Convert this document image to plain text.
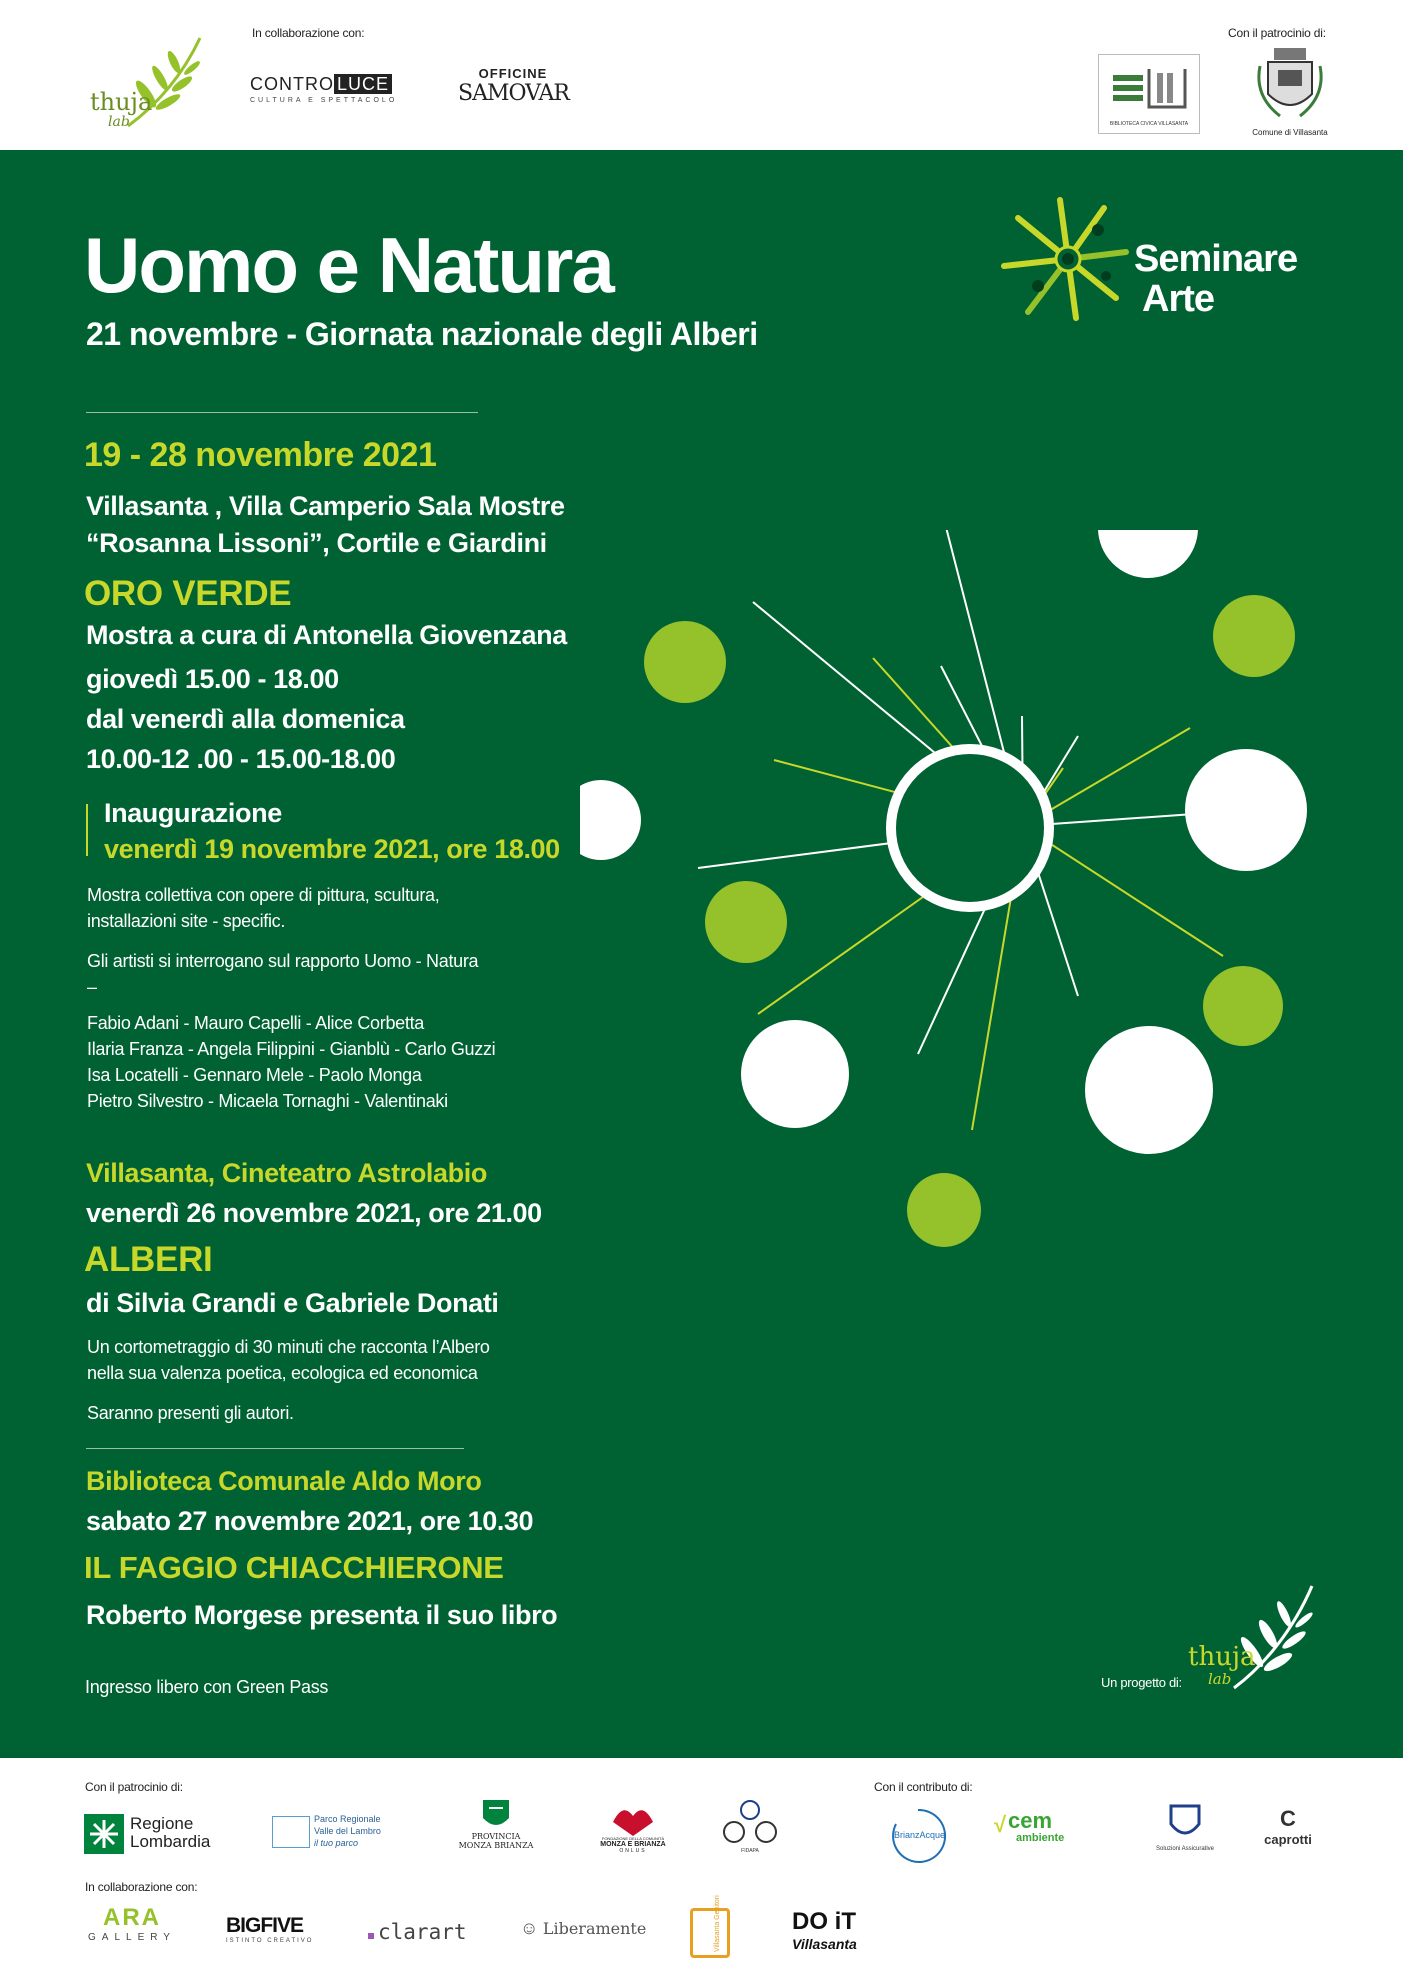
thuja
lab
In collaborazione con:
CONTRO LUCE
CULTURA E SPETTACOLO
OFFICINE
SAMOVAR
Con il patrocinio di:
BIBLIOTECA CIVICA VILLASANTA
Comune di Villasanta
Uomo e Natura
21 novembre - Giornata nazionale degli Alberi
Seminare
Arte
19 - 28 novembre 2021
Villasanta , Villa Camperio Sala Mostre
“Rosanna Lissoni”, Cortile e Giardini
ORO VERDE
Mostra a cura di Antonella Giovenzana
giovedì 15.00 - 18.00
dal venerdì alla domenica
10.00-12 .00 - 15.00-18.00
Inaugurazione
venerdì 19 novembre 2021, ore 18.00
Mostra collettiva con opere di pittura, scultura,
installazioni site - specific.
Gli artisti si interrogano sul rapporto Uomo - Natura
–
Fabio Adani - Mauro Capelli - Alice Corbetta
Ilaria Franza - Angela Filippini - Gianblù - Carlo Guzzi
Isa Locatelli - Gennaro Mele - Paolo Monga
Pietro Silvestro - Micaela Tornaghi - Valentinaki
Villasanta, Cineteatro Astrolabio
venerdì 26 novembre 2021, ore 21.00
ALBERI
di Silvia Grandi e Gabriele Donati
Un cortometraggio di 30 minuti che racconta l’Albero
nella sua valenza poetica, ecologica ed economica
Saranno presenti gli autori.
Biblioteca Comunale Aldo Moro
sabato 27 novembre 2021, ore 10.30
IL FAGGIO CHIACCHIERONE
Roberto Morgese presenta il suo libro
Ingresso libero con Green Pass	Un progetto di:
thuja
lab
Con il patrocinio di:	Con il contributo di:
Regione
Lombardia
Parco Regionale
Valle del Lambro
il tuo parco
PROVINCIA
MONZA BRIANZA
FONDAZIONE DELLA COMUNITÀ
MONZA E BRIANZA
ONLUS	FIDAPA
BrianzAcque
cem
ambiente
√
Soluzioni Assicurative
C
caprotti
In collaborazione con:
ARA
GALLERY
BIGFIVE
ISTINTO CREATIVO	clarart	☺ Liberamente	Villasanta Genitori	DO iT
Villasanta
